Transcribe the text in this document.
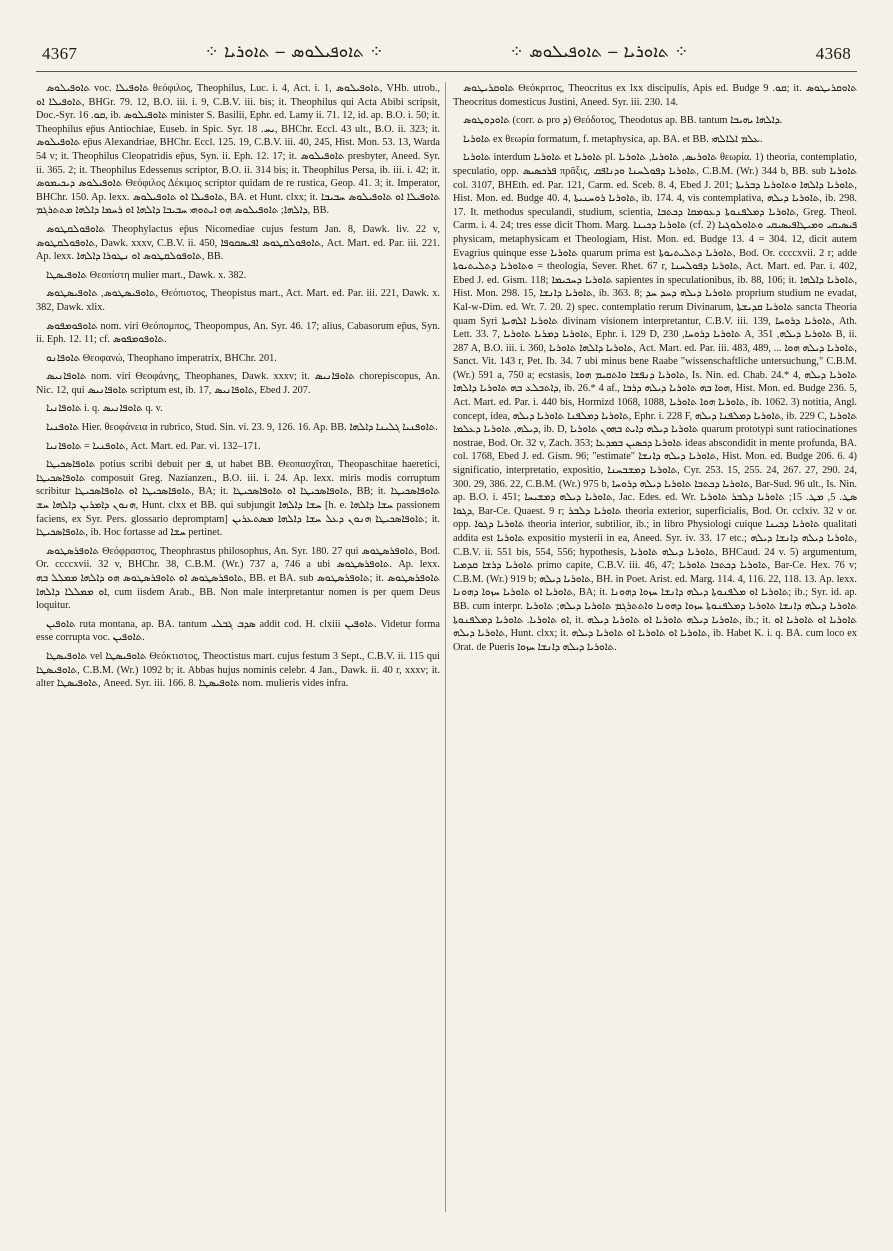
4367	⁘ ܬܐܘܦܝܠܘܣ ‒ ܬܐܘܪܝܐ ⁘	⁘ ܬܐܘܪܝܐ ‒ ܬܐܘܦܝܠܘܣ ⁘	4368

ܬܐܘܦܝܠܘܣ voc. ܬܐܘܦܝܠܐ θεόφιλος, Theophilus, Luc. i. 4, Act. i. 1, ܬܐܘܦܝܠܘܣ, VHb. utrob., ܬܐܘܦܝܠܐ ܐܘ, BHGr. 79. 12, B.O. iii. i. 9, C.B.V. iii. bis; it. Theophilus qui Acta Abibi scripsit, Doc.-Syr. ܩܘ. 16, ib. ܬܐܘܦܝܠܘܣ minister S. Basilii, Ephr. ed. Lamy ii. 71. 12, id. ap. B.O. i. 50; it. Theophilus ep̄us Antiochiae, Euseb. in Spic. Syr. ܝܚ. 18, BHChr. Eccl. 43 ult., B.O. ii. 323; it. ܬܐܘܦܝܠܘܣ ep̄us Alexandriae, BHChr. Eccl. 125. 19, C.B.V. iii. 40, 245, Hist. Mon. 53. 13, Warda 54 v; it. Theophilus Cleopatridis ep̄us, Syn. ii. Eph. 12. 17; it. ܬܐܘܦܝܠܘܣ presbyter, Aneed. Syr. ii. 365. 2; it. Theophilus Edessenus scriptor, B.O. ii. 314 bis; it. Theophilus Persa, ib. iii. i. 42; it. ܬܐܘܦܝܠܘܣ ܕܝܟܝܡܘܣ Θεόφιλος Δέκιμος scriptor quidam de re rustica, Geop. 41. 3; it. Imperator, BHChr. 150. Ap. lexx. ܬܐܘܦܝܠܐ ܐܘ ܬܐܘܦܝܠܘܣ, BA. et Hunt. clxx; it. ܬܐܘܦܝܠܐ ܐܘ ܬܐܘܦܝܠܘܣ ܚܒܝܒܐ ܕܐܠܗܐ; ܬܐܘܦܝܠܘܣ ܗܘ ܐܝܬܘܗܝ ܚܒܝܒܐ ܕܐܠܗܐ ܐܘ ܪܚܡܐ ܕܐܠܗܐ ܡܬܬܪܓܡ, BB.

ܬܐܘܦܘܠܩܛܘܣ Theophylactus ep̄us Nicomediae cujus festum Jan. 8, Dawk. liv. 22 v, ܬܐܘܦܘܠܩܛܘܣ, Dawk. xxxv, C.B.V. ii. 450, ܬܐܘܦܘܠܩܛܘܣ ܐܦܝܣܩܘܦܐ, Act. Mart. ed. Par. iii. 221. Ap. lexx. ܬܐܘܦܘܠܩܛܘܣ ܐܘ ܢܛܘܪܐ ܕܐܠܗܐ, BB.

ܬܐܘܦܝܣܛܐ Θεοπίστη mulier mart., Dawk. x. 382.

ܬܐܘܦܝܣܛܘܣ, ܬܐܘܦܝܣܛܘܣ, Θεόπιστος, Theopistus mart., Act. Mart. ed. Par. iii. 221, Dawk. x. 382, Dawk. xlix.

ܬܐܘܦܘܡܦܘܣ nom. viri Θεόπομπος, Theopompus, An. Syr. 46. 17; alius, Cabasorum ep̄us, Syn. ii. Eph. 12. 11; cf. ܬܐܘܦܘܡܦܘܣ.

ܬܐܘܦܐܢܘ Θεοφανώ, Theophano imperatrix, BHChr. 201.

ܬܐܘܦܐܢܝܣ nom. viri Θεοφάνης, Theophanes, Dawk. xxxv; it. ܬܐܘܦܐܢܝܣ chorepiscopus, An. Nic. 12, qui ܬܐܘܦܐܢܝܣ scriptum est, ib. 17, ܬܐܘܦܐܢܝܣ, Ebed J. 207.

ܬܐܘܦܐܢܝܐ i. q. ܬܐܘܦܐܢܝܣ q. v.

ܬܐܘܦܢܝܐ Hier. θεοφάνεια in rubrico, Stud. Sin. vi. 23. 9, 126. 16. Ap. BB. ܬܐܘܦܢܝܐ ܓܠܝܢܐ ܕܐܠܗܐ.

ܬܐܘܦܢܝܐ = ܬܐܘܦܐܢܝܐ, Act. Mart. ed. Par. vi. 132–171.

ܬܐܘܦܐܣܟܝܛܐ potius scribi debuit per ܦ, ut habet BB. Θεοπασχῖται, Theopaschitae haeretici, ܬܐܘܦܐܣܟܝܛܐ composuit Greg. Nazianzen., B.O. iii. i. 24. Ap. lexx. miris modis corruptum scribitur ܬܐܘܦܐܣܟܝܛܐ ܐܘ ܬܐܘܦܐܣܟܝܛܐ, BA; it. ܬܐܘܦܐܣܟܝܛܐ ܐܘ ܬܐܘܦܐܣܟܝܛܐ, BB; it. ܬܐܘܦܐܣܟܝܛܐ ܗܢܘܢ ܕܐܡܪܝܢ ܕܐܠܗܐ ܚܫ, Hunt. clxx et BB. qui subjungit ܚܫܐ ܕܐܠܗܐ [h. e. ܚܫܐ ܕܐܠܗܐ passionem faciens, ex Syr. Pers. glossario depromptam] ܬܐܘܦܐܣܟܝܛܐ ܗܢܘܢ ܕܥܠ ܚܫܐ ܕܐܠܗܐ ܡܣܬܥܪܝܢ; it. ܬܐܘܦܐܣܟܝܛܐ, ib. Hoc fortasse ad ܚܫܐ pertinet.

ܬܐܘܦܪܣܛܘܣ Θεόφραστος, Theophrastus philosophus, An. Syr. 180. 27 qui ܬܐܘܦܪܣܛܘܣ, Bod. Or. ccccxvii. 32 v, BHChr. 38, C.B.M. (Wr.) 737 a, 746 a ubi ܬܐܘܦܪܣܛܘܣ. Ap. lexx. ܬܐܘܦܪܣܛܘܣ ܐܘ ܬܐܘܦܪܣܛܘܣ ܗܘ ܕܐܠܗܐ ܡܡܠܠ ܒܗ, BB. et BA. sub ܬܐܘܦܪܣܛܘܣ; it. ܬܐܘܦܪܣܛܘܣ ܐܘ ܡܡܠܠܐ ܕܐܠܗܐ, cum iisdem Arab., BB. Non male interpretantur nomen is per quem Deus loquitur.

ܬܐܘܦܝܢ ruta montana, ap. BA. tantum ܣܕܒ ܓܒܠܝ addit cod. H. clxiii ܬܐܘܦܝܢ. Videtur forma esse corrupta voc. ܬܐܘܦܝܢ.

ܬܐܘܦܝܣܛܐ vel ܬܐܘܦܝܣܛܐ Θεόκτιστος, Theoctistus mart. cujus festum 3 Sept., C.B.V. ii. 115 qui ܬܐܘܦܝܣܛܐ, C.B.M. (Wr.) 1092 b; it. Abbas hujus nominis celebr. 4 Jan., Dawk. ii. 40 r, xxxv; it. alter ܬܐܘܦܝܣܛܐ, Aneed. Syr. iii. 166. 8. ܬܐܘܦܝܣܛܐ nom. mulieris vides infra.

ܬܐܘܩܪܝܛܘܣ Θεόκριτος, Theocritus ex lxx discipulis, Apis ed. Budge ܩܘ. 9; it. ܬܐܘܩܪܝܛܘܣ Theocritus domesticus Justini, Aneed. Syr. iii. 230. 14.

ܬܐܘܕܘܛܘܣ (corr. ܬ pro ܕ) Θεόδοτος, Theodotus ap. BB. tantum ܕܐܠܗܐ ܝܗܝܒܐ.

ܬܐܘܪܝܐ ex θεωρία formatum, f. metaphysica, ap. BA. et BB. ܥܠܡ ܐܠܐܠܗܝ.

ܬܐܘܪܝܐ interdum ܬܐܘܪܝܐ et ܬܐܘܪܝܐ pl. ܬܐܘܪܝܣ, ܬܐܘܪܝܐ, ܬܐܘܪܝܐ θεωρία. 1) theoria, contemplatio, speculatio, opp. ܦܪܟܣܝܣ πρᾶξις, ܬܐܘܪܝܐ ܕܦܘܠܚܢܐ ܘܕܢܐܦܩ, C.B.M. (Wr.) 344 b, BB. sub ܬܐܘܪܝܐ col. 3107, BHEth. ed. Par. 121, Carm. ed. Sceb. 8. 4, Ebed J. 201; ܬܐܘܪܝܐ ܕܐܠܗܐ ܘܬܐܘܪܝܐ ܕܒܪܝܬܐ, Hist. Mon. ed. Budge 40. 4, ܬܐܘܪܝܐ ܪܘܚܢܝܬܐ, ib. 174. 4, vis contemplativa, ܬܐܘܪܝܐ ܕܝܠܗ, ib. 298. 17. It. methodus speculandi, studium, scientia, ܬܐܘܪܝܐ ܕܡܠܦܢܘܬܐ ܕܥܘܡܩܐ ܕܟܬܒܐ, Greg. Theol. Carm. i. 4. 24; tres esse dicit Thom. Marg. ܬܐܘܪܝܐ ܕܟܝܢܐ (cf. 2) ܦܝܣܝܩܝ ܘܡܝܛܐܦܝܣܝܩܝ ܘܬܐܘܠܘܓܝܐ physicam, metaphysicam et Theologiam, Hist. Mon. ed. Budge 13. 4 = 304. 12, dicit autem Evagrius quinque esse ܬܐܘܪܝܐ quarum prima est ܬܐܘܪܝܐ ܕܬܠܝܬܝܘܬܐ, Bod. Or. ccccxvii. 2 r; adde ܘܬܐܘܪܝܐ ܕܬܠܝܬܝܘܬܐ = theologia, Sever. Rhet. 67 r, ܬܐܘܪܝܐ ܕܦܘܠܚܢܐ, Act. Mart. ed. Par. i. 402, Ebed J. ed. Gism. 118; ܬܐܘܪܝܐ ܕܚܟܝܡܐ sapientes in speculationibus, ib. 88, 106; it. ܬܐܘܪܝܐ ܕܐܠܗܐ, Hist. Mon. 298. 15, ܬܐܘܪܝܐ ܕܐܢܫܐ, ib. 363. 8; ܬܐܘܪܝܐ ܕܝܠܗ ܕܚܕ ܚܕ proprium studium ne evadat, Kal-w-Dim. ed. Wr. 7. 20. 2) spec. contemplatio rerum Divinarum, ܬܐܘܪܝܐ ܩܕܝܫܬܐ sancta Theoria quam Syri ܬܐܘܪܝܐ ܐܠܗܝܬܐ divinam visionem interpretantur, C.B.V. iii. 139, ܬܐܘܪܝܐ ܕܪܘܚܐ, Ath. Lett. 33. 7, ܬܐܘܪܝܐ ܕܡܪܝܐ ܬܐܘܪܝܐ, Ephr. i. 129 D, ܬܐܘܪܝܐ ܕܪܘܚܐ, 230 A, ܬܐܘܪܝܐ ܕܝܠܗ, 351 B, ii. 287 A, B.O. iii. i. 360, ܬܐܘܪܝܐ ܕܐܠܗܐ ܬܐܘܪܝܐ, Act. Mart. ed. Par. iii. 483, 489, ... ܬܐܘܪܝܐ ܕܝܠܗ ܗܘܐ, Sanct. Vit. 143 r, Pet. Ib. 34. 7 ubi minus bene Raabe "wissenschaftliche untersuchung," C.B.M. (Wr.) 591 a, 750 a; ecstasis, ܬܐܘܪܝܐ ܕܢܦܫܐ ܘܐܬܩܝܡ ܗܘܐ, Is. Nin. ed. Chab. 24.* 4, ܬܐܘܪܝܐ ܕܝܠܗ ܕܐܬܒܠܥ ܒܗ ܬܐܘܪܝܐ ܕܐܠܗܐ, ib. 26.* 4 af., ܗܘܐ ܒܗ ܬܐܘܪܝܐ ܕܝܠܗ ܕܪܒܐ, Hist. Mon. ed. Budge 236. 5, Act. Mart. ed. Par. i. 440 bis, Hormizd 1068, 1088, ܬܐܘܪܝܐ ܗܘܐ ܬܐܘܪܝܐ, ib. 1062. 3) notitia, Angl. concept, idea, ܬܐܘܪܝܐ ܕܡܠܦܢܐ ܬܐܘܪܝܐ ܕܝܠܗ, Ephr. i. 228 F, ܬܐܘܪܝܐ ܕܡܠܦܢܐ ܕܝܠܗ, ib. 229 C, ܬܐܘܪܝܐ ܕܝܠܗ, ܬܐܘܪܝܐ ܕܥܠܡܐ, ib. D, ܬܐܘܪܝܐ ܕܝܠܗ ܕܐܝܬ ܒܗܘܢ ܬܐܘܪܝܐ quarum prototypi sunt ratiocinationes nostrae, Bod. Or. 32 v, Zach. 353; ܬܐܘܪܝܐ ܕܟܣܝܢ ܒܡܕܥܐ ideas abscondidit in mente profunda, BA. col. 1768, Ebed J. ed. Gism. 96; "estimate" ܬܐܘܪܝܐ ܕܝܠܗ ܕܐܢܫܐ, Hist. Mon. ed. Budge 206. 6. 4) significatio, interpretatio, expositio, ܬܐܘܪܝܐ ܕܡܫܒܚܢܐ, Cyr. 253. 15, 255. 24, 267. 27, 290. 24, 300. 29, 386. 22, C.B.M. (Wr.) 975 b, ܬܐܘܪܝܐ ܕܟܬܒܐ ܬܐܘܪܝܐ ܕܝܠܗ ܕܪܘܚܐ, Bar-Sud. 96 ult., Is. Nin. ap. B.O. i. 451; ܬܐܘܪܝܐ ܕܝܠܗ ܕܡܫܝܚܐ, Jac. Edes. ed. Wr. ܣܛ. 5, ܡܛ. 15; ܬܐܘܪܝܐ ܕܠܒܪ ܬܐܘܪܝܐ ܕܓܘܐ, Bar-Ce. Quaest. 9 r; ܬܐܘܪܝܐ ܕܠܒܪ theoria exterior, superficialis, Bod. Or. cclxiv. 32 v or. opp. ܬܐܘܪܝܐ ܕܓܘܐ theoria interior, subtilior, ib.; in libro Physiologi cuique ܬܐܘܪܝܐ ܕܟܝܢܐ qualitati addita est ܬܐܘܪܝܐ expositio mysterii in ea, Aneed. Syr. iv. 33. 17 etc.; ܬܐܘܪܝܐ ܕܝܠܗ ܕܐܢܫܐ ܕܝܠܗ, C.B.V. ii. 551 bis, 554, 556; hypothesis, ܬܐܘܪܝܐ ܕܝܠܗ ܬܐܘܪܝܐ, BHCaud. 24 v. 5) argumentum, ܬܐܘܪܝܐ ܕܪܫܐ ܩܕܡܝܐ primo capite, C.B.V. iii. 46, 47; ܬܐܘܪܝܐ ܕܟܬܒܐ ܬܐܘܪܝܐ, Bar-Ce. Hex. 76 v; C.B.M. (Wr.) 919 b; ܬܐܘܪܝܐ ܕܝܠܗ, BH. in Poet. Arist. ed. Marg. 114. 4, 116. 22, 118. 13. Ap. lexx. ܬܐܘܪܝܐ ܐܘ ܬܐܘܪܝܐ ܚܙܘܐ ܕܗܘܢܐ, BA; it. ܬܐܘܪܝܐ ܐܘ ܡܠܦܢܘܬܐ ܕܝܠܗ ܕܐܢܫܐ ܚܙܘܐ ܕܗܘܢܐ; ib.; Syr. id. ap. BB. cum interpr. ܬܐܘܪܝܐ ܕܝܠܗ ܕܐܢܫܐ ܬܐܘܪܝܐ ܕܡܠܦܢܘܬܐ ܚܙܘܐ ܕܗܘܢܐ ܘܐܬܬܪܓܡ ܬܐܘܪܝܐ ܕܝܠܗ; ܬܐܘܪܝܐ ܐܘ ܬܐܘܪܝܐ. ܬܐܘܪܝܐ ܕܡܠܦܢܘܬܐ, it. ܬܐܘܪܝܐ ܕܝܠܗ ܬܐܘܪܝܐ ܐܘ ܬܐܘܪܝܐ ܕܝܠܗ, ib.; it. ܬܐܘܪܝܐ ܐܘ ܬܐܘܪܝܐ ܐܘ ܬܐܘܪܝܐ ܕܝܠܗ, Hunt. clxx; it. ܬܐܘܪܝܐ ܐܘ ܬܐܘܪܝܐ ܐܘ ܬܐܘܪܝܐ ܕܝܠܗ, ib. Habet K. i. q. BA. cum loco ex Orat. de Pueris ܬܐܘܪܝܐ ܕܝܠܗ ܕܐܢܫܐ ܚܙܘܐ.
